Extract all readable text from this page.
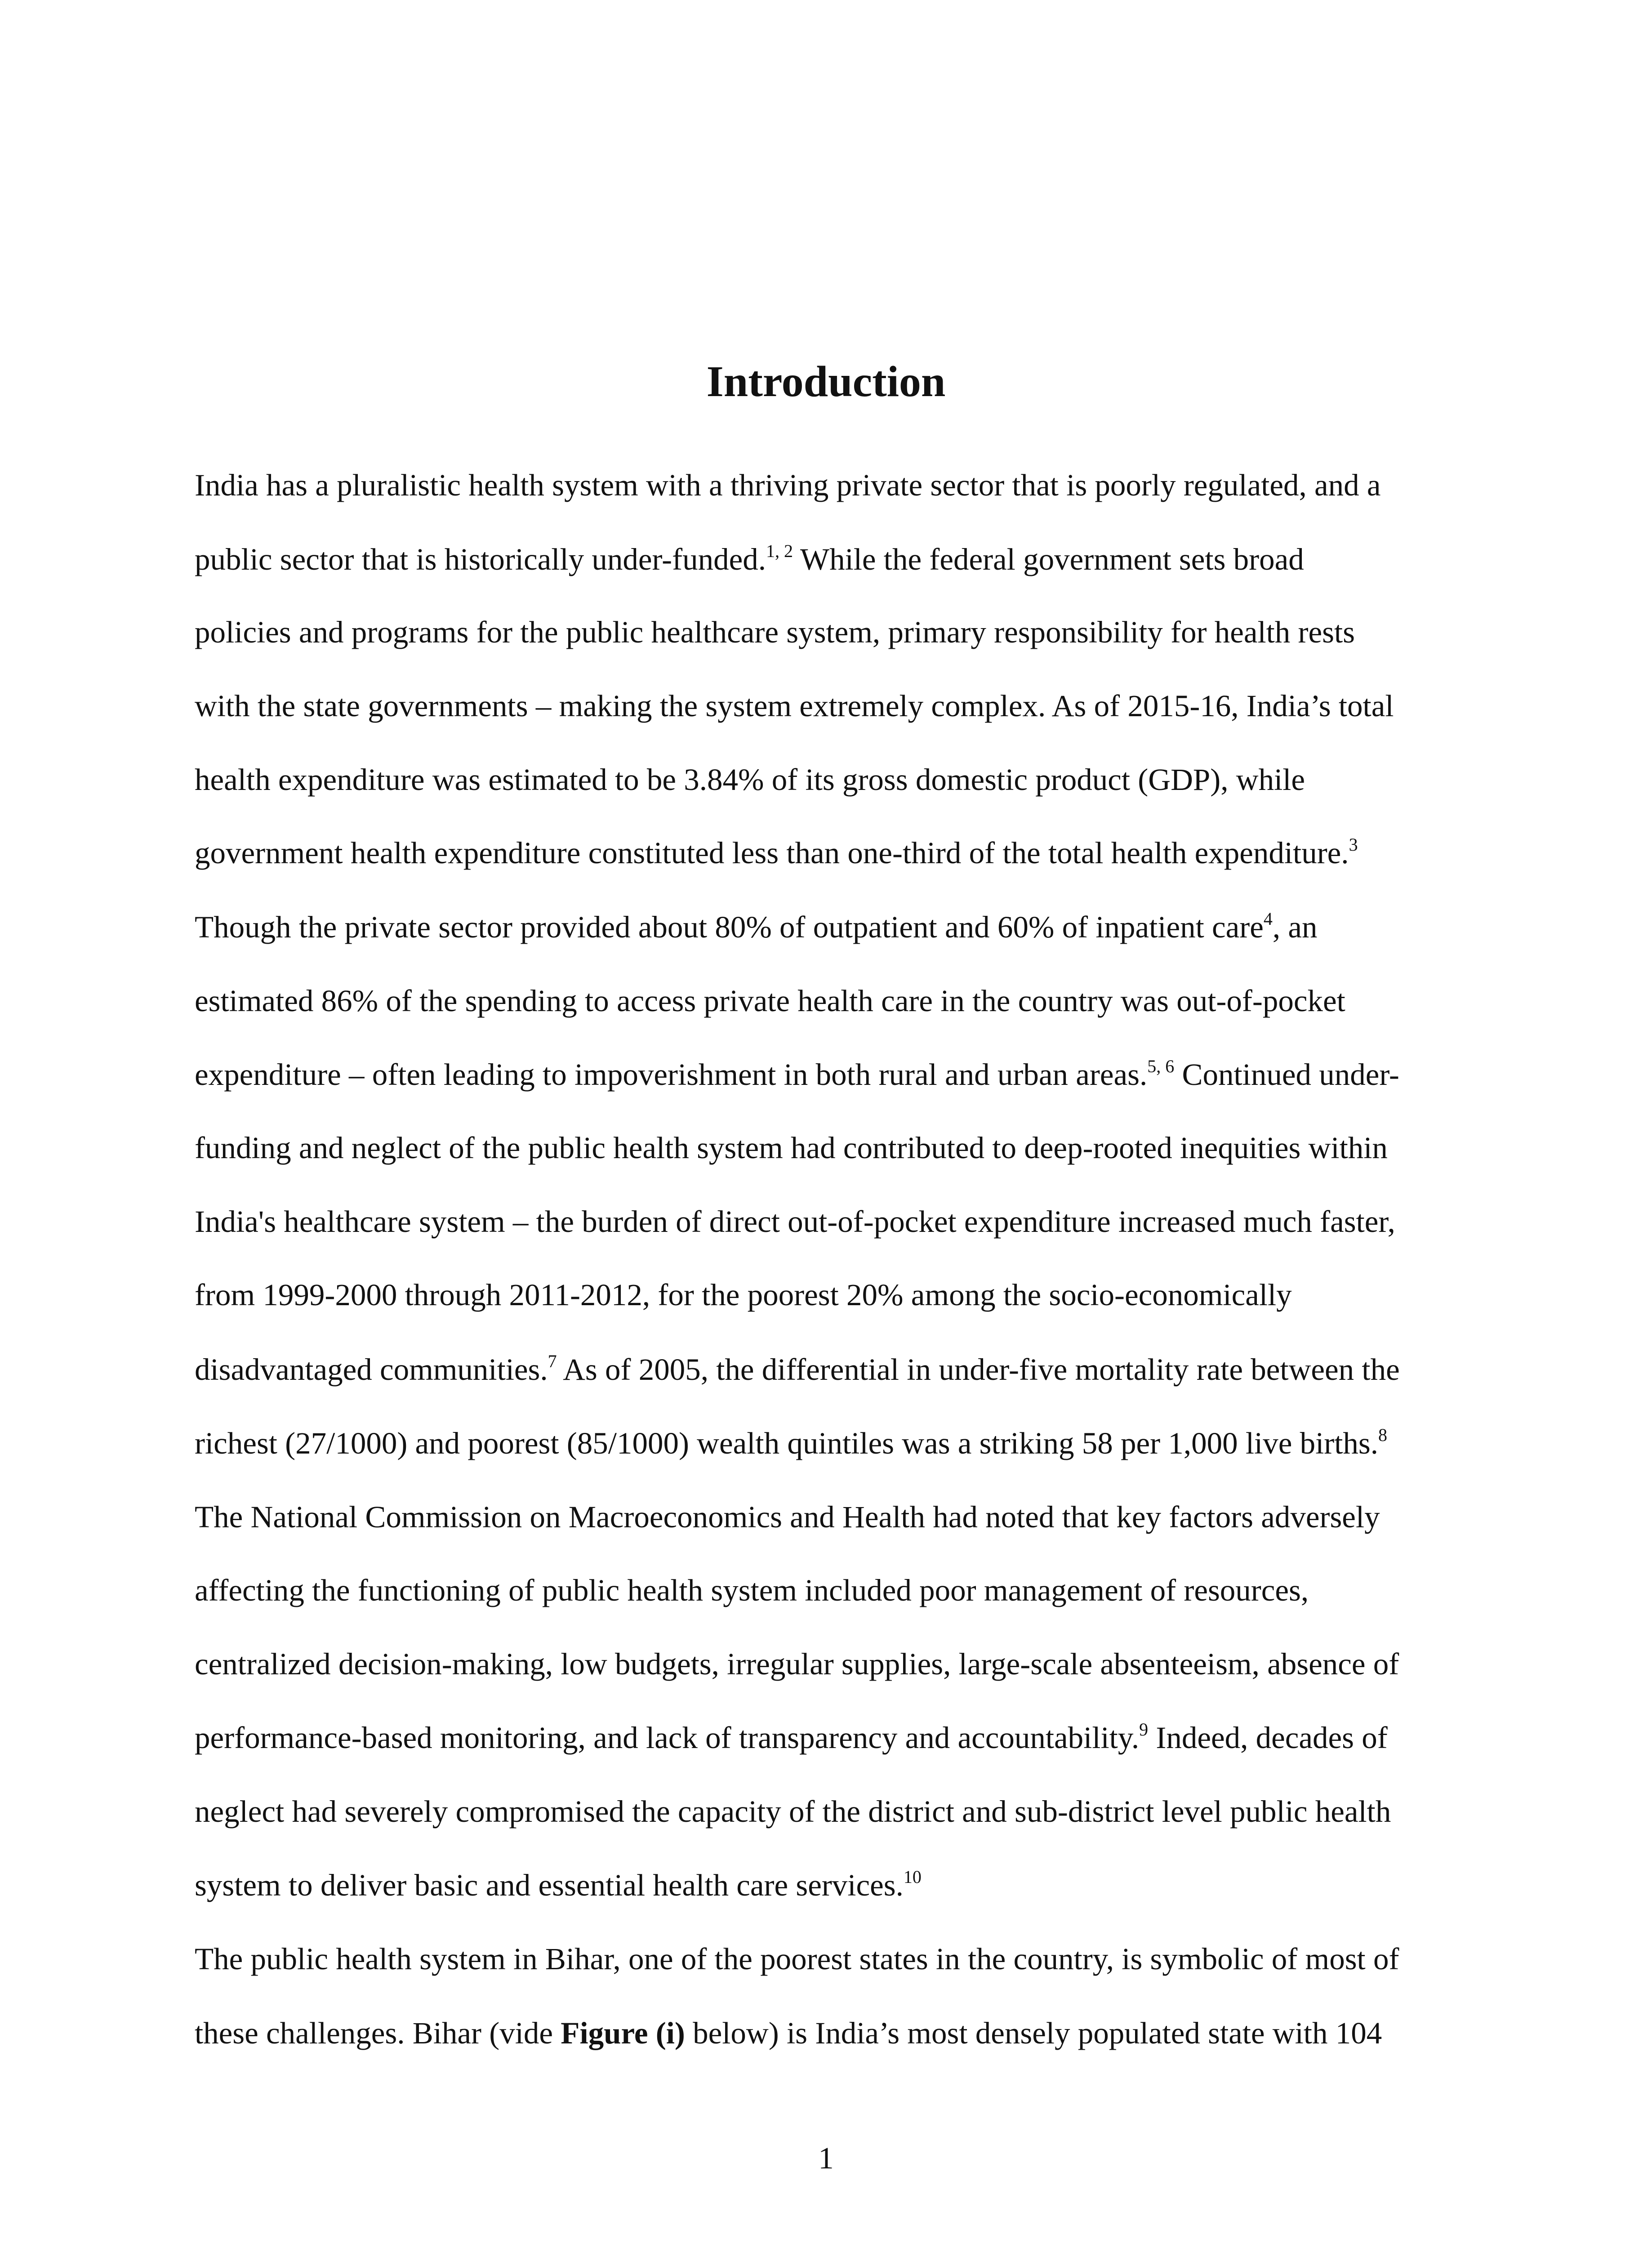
Introduction
India has a pluralistic health system with a thriving private sector that is poorly regulated, and a
public sector that is historically under-funded.$^{1, 2}$ While the federal government sets broad
policies and programs for the public healthcare system, primary responsibility for health rests
with the state governments – making the system extremely complex. As of 2015-16, India’s total
health expenditure was estimated to be 3.84% of its gross domestic product (GDP), while
government health expenditure constituted less than one-third of the total health expenditure.$^3$
Though the private sector provided about 80% of outpatient and 60% of inpatient care$^4$, an
estimated 86% of the spending to access private health care in the country was out-of-pocket
expenditure – often leading to impoverishment in both rural and urban areas.$^{5, 6}$ Continued under-
funding and neglect of the public health system had contributed to deep-rooted inequities within
India's healthcare system – the burden of direct out-of-pocket expenditure increased much faster,
from 1999-2000 through 2011-2012, for the poorest 20% among the socio-economically
disadvantaged communities.$^7$ As of 2005, the differential in under-five mortality rate between the
richest (27/1000) and poorest (85/1000) wealth quintiles was a striking 58 per 1,000 live births.$^8$
The National Commission on Macroeconomics and Health had noted that key factors adversely
affecting the functioning of public health system included poor management of resources,
centralized decision-making, low budgets, irregular supplies, large-scale absenteeism, absence of
performance-based monitoring, and lack of transparency and accountability.$^9$ Indeed, decades of
neglect had severely compromised the capacity of the district and sub-district level public health
system to deliver basic and essential health care services.$^{10}$
The public health system in Bihar, one of the poorest states in the country, is symbolic of most of
these challenges. Bihar (vide Figure (i) below) is India’s most densely populated state with 104
1
